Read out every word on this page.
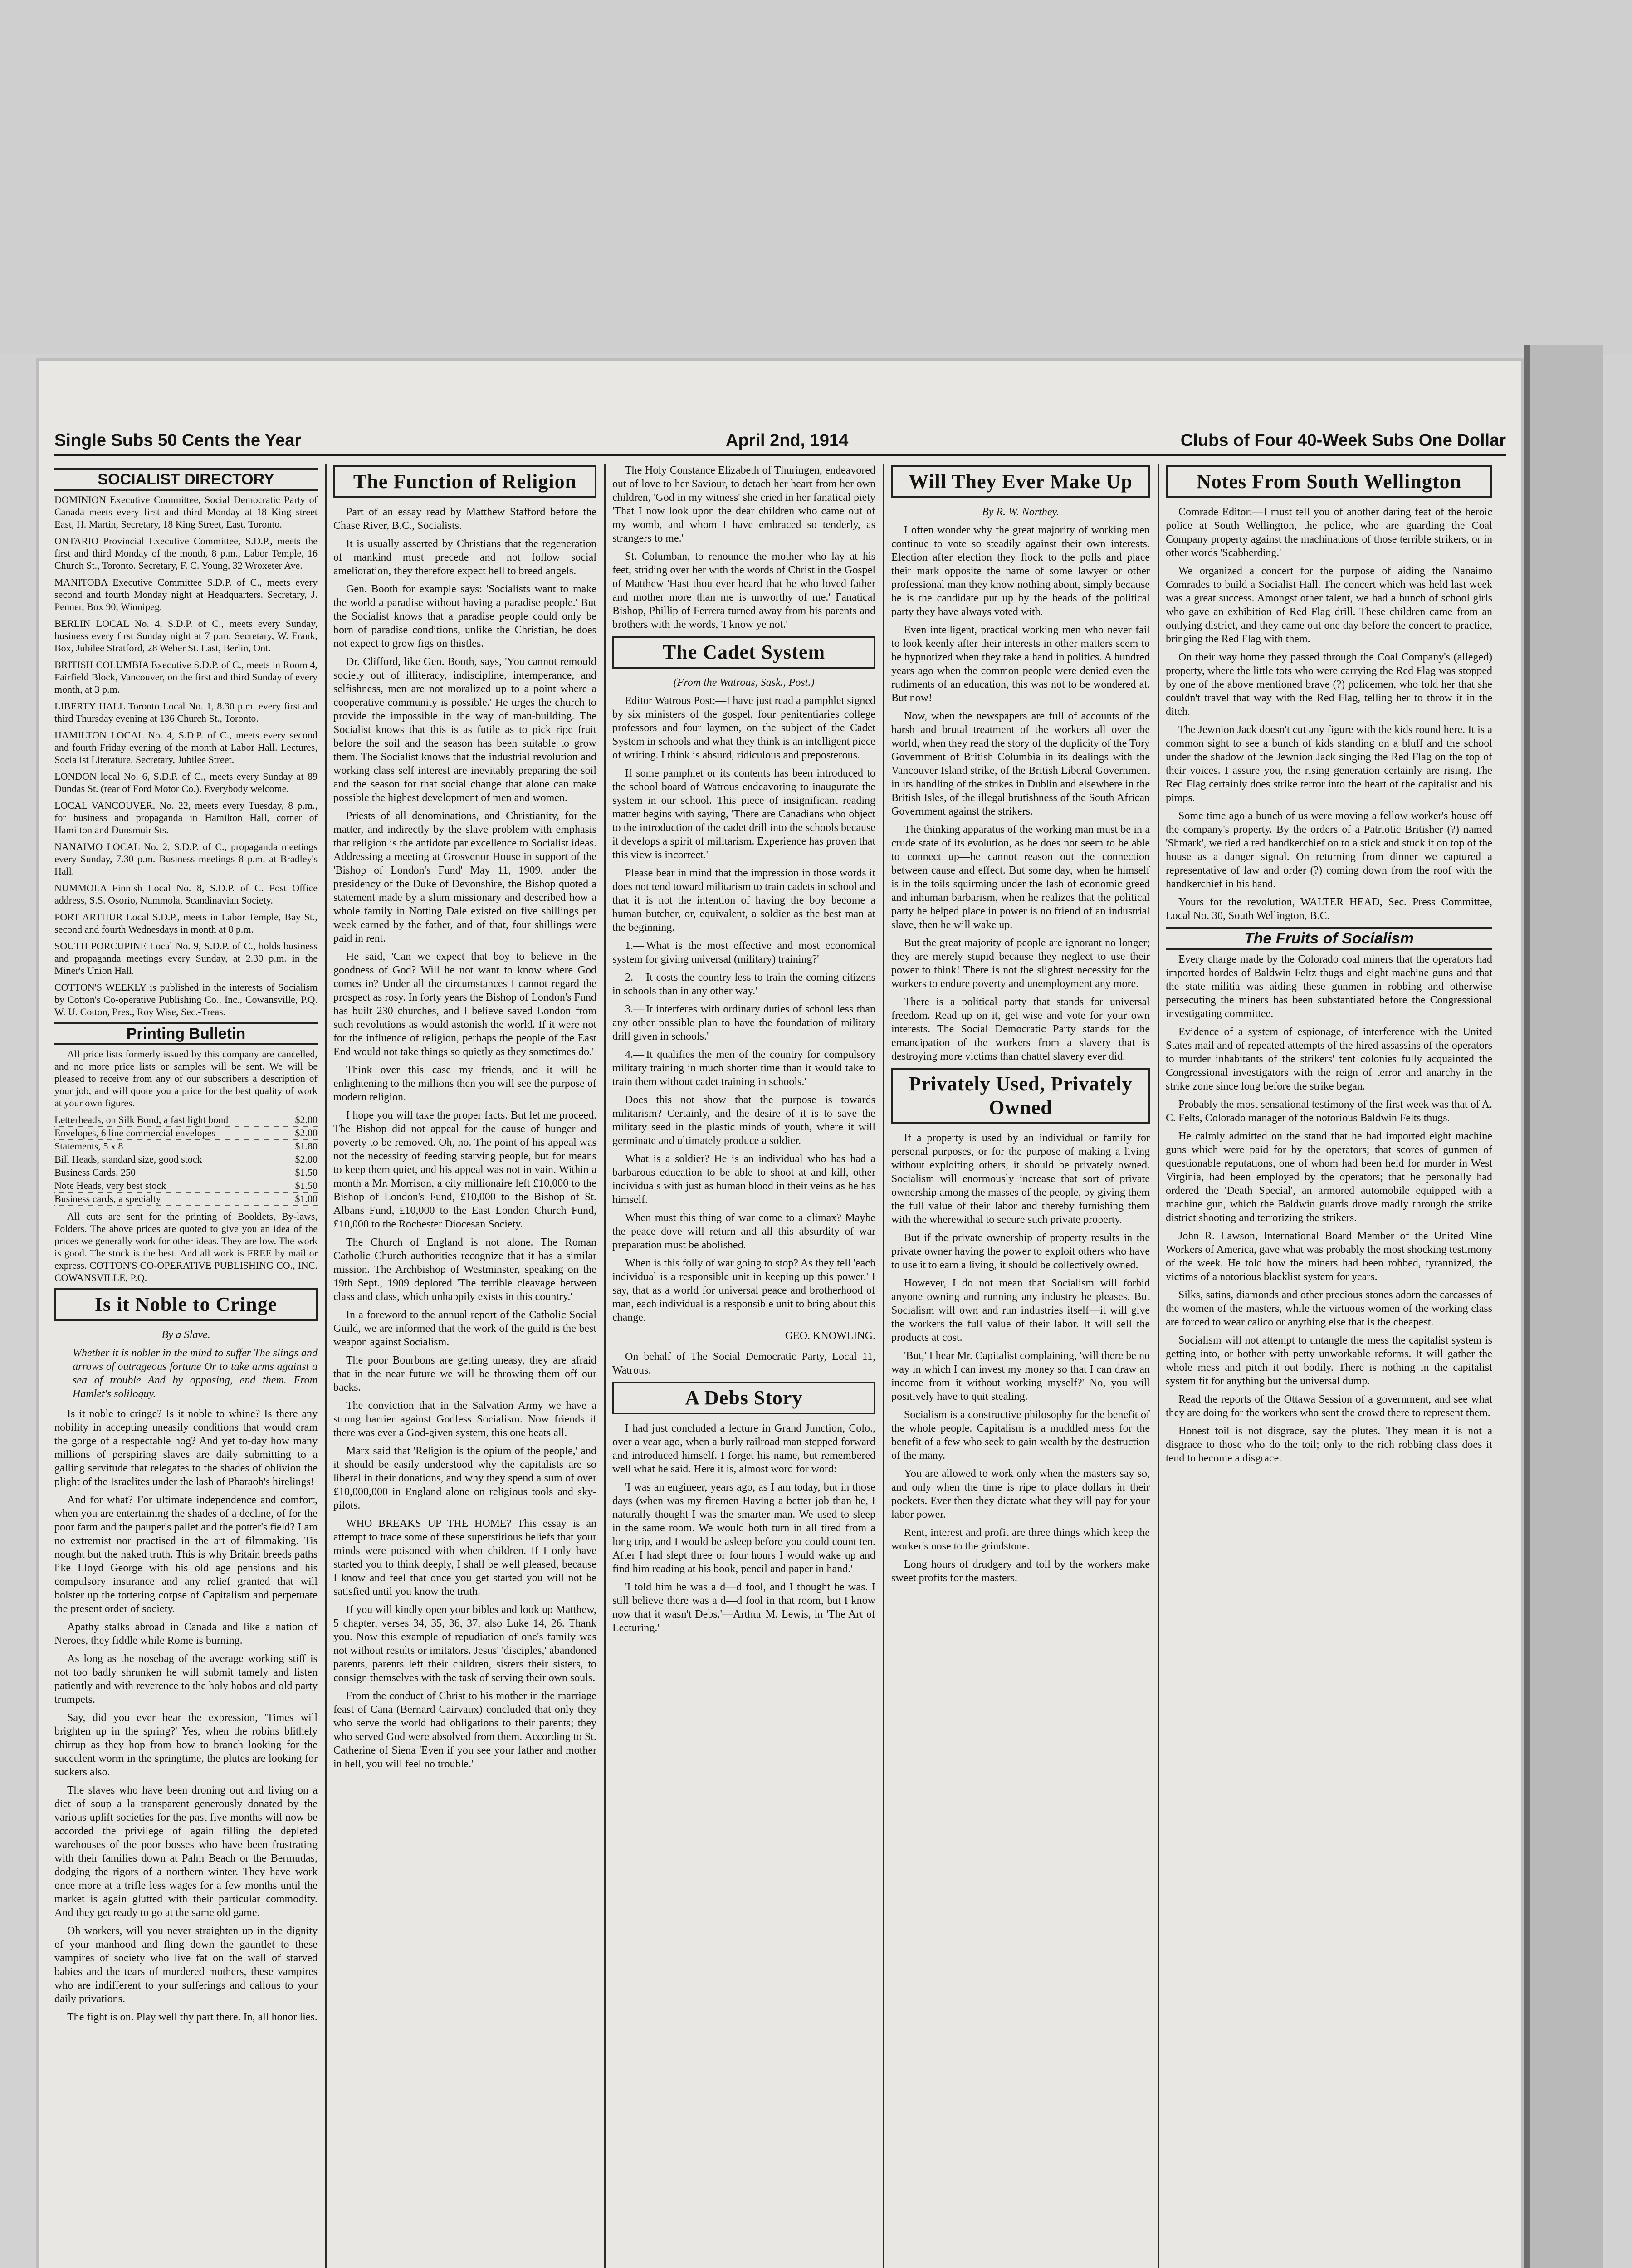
Single Subs 50 Cents the Year	April 2nd, 1914	Clubs of Four 40-Week Subs One Dollar
SOCIALIST DIRECTORY
DOMINION Executive Committee, Social Democratic Party of Canada meets every first and third Monday at 18 King street East, H. Martin, Secretary, 18 King Street, East, Toronto.
ONTARIO Provincial Executive Committee, S.D.P., meets the first and third Monday of the month, 8 p.m., Labor Temple, 16 Church St., Toronto. Secretary, F. C. Young, 32 Wroxeter Ave.
MANITOBA Executive Committee S.D.P. of C., meets every second and fourth Monday night at Headquarters. Secretary, J. Penner, Box 90, Winnipeg.
BERLIN LOCAL No. 4, S.D.P. of C., meets every Sunday, business every first Sunday night at 7 p.m. Secretary, W. Frank, Box, Jubilee Stratford, 28 Weber St. East, Berlin, Ont.
BRITISH COLUMBIA Executive S.D.P. of C., meets in Room 4, Fairfield Block, Vancouver, on the first and third Sunday of every month, at 3 p.m.
LIBERTY HALL Toronto Local No. 1, 8.30 p.m. every first and third Thursday evening at 136 Church St., Toronto.
HAMILTON LOCAL No. 4, S.D.P. of C., meets every second and fourth Friday evening of the month at Labor Hall. Lectures, Socialist Literature. Secretary, Jubilee Street.
LONDON local No. 6, S.D.P. of C., meets every Sunday at 89 Dundas St. (rear of Ford Motor Co.). Everybody welcome.
LOCAL VANCOUVER, No. 22, meets every Tuesday, 8 p.m., for business and propaganda in Hamilton Hall, corner of Hamilton and Dunsmuir Sts.
NANAIMO LOCAL No. 2, S.D.P. of C., propaganda meetings every Sunday, 7.30 p.m. Business meetings 8 p.m. at Bradley's Hall.
NUMMOLA Finnish Local No. 8, S.D.P. of C. Post Office address, S.S. Osorio, Nummola, Scandinavian Society.
PORT ARTHUR Local S.D.P., meets in Labor Temple, Bay St., second and fourth Wednesdays in month at 8 p.m.
SOUTH PORCUPINE Local No. 9, S.D.P. of C., holds business and propaganda meetings every Sunday, at 2.30 p.m. in the Miner's Union Hall.
COTTON'S WEEKLY is published in the interests of Socialism by Cotton's Co-operative Publishing Co., Inc., Cowansville, P.Q. W. U. Cotton, Pres., Roy Wise, Sec.-Treas.
Printing Bulletin

All price lists formerly issued by this company are cancelled, and no more price lists or samples will be sent. We will be pleased to receive from any of our subscribers a description of your job, and will quote you a price for the best quality of work at your own figures.

Letterheads, on Silk Bond, a fast light bond	$2.00
Envelopes, 6 line commercial envelopes	$2.00
Statements, 5 x 8	$1.80
Bill Heads, standard size, good stock	$2.00
Business Cards, 250	$1.50
Note Heads, very best stock	$1.50
Business cards, a specialty	$1.00

All cuts are sent for the printing of Booklets, By-laws, Folders. The above prices are quoted to give you an idea of the prices we generally work for other ideas. They are low. The work is good. The stock is the best. And all work is FREE by mail or express. COTTON'S CO-OPERATIVE PUBLISHING CO., INC. COWANSVILLE, P.Q.

Is it Noble to Cringe
By a Slave.

Whether it is nobler in the mind to suffer The slings and arrows of outrageous fortune Or to take arms against a sea of trouble And by opposing, end them. From Hamlet's soliloquy.

Is it noble to cringe? Is it noble to whine? Is there any nobility in accepting uneasily conditions that would cram the gorge of a respectable hog? And yet to-day how many millions of perspiring slaves are daily submitting to a galling servitude that relegates to the shades of oblivion the plight of the Israelites under the lash of Pharaoh's hirelings!

And for what? For ultimate independence and comfort, when you are entertaining the shades of a decline, of for the poor farm and the pauper's pallet and the potter's field? I am no extremist nor practised in the art of filmmaking. Tis nought but the naked truth. This is why Britain breeds paths like Lloyd George with his old age pensions and his compulsory insurance and any relief granted that will bolster up the tottering corpse of Capitalism and perpetuate the present order of society.

Apathy stalks abroad in Canada and like a nation of Neroes, they fiddle while Rome is burning.

As long as the nosebag of the average working stiff is not too badly shrunken he will submit tamely and listen patiently and with reverence to the holy hobos and old party trumpets.

Say, did you ever hear the expression, 'Times will brighten up in the spring?' Yes, when the robins blithely chirrup as they hop from bow to branch looking for the succulent worm in the springtime, the plutes are looking for suckers also.

The slaves who have been droning out and living on a diet of soup a la transparent generously donated by the various uplift societies for the past five months will now be accorded the privilege of again filling the depleted warehouses of the poor bosses who have been frustrating with their families down at Palm Beach or the Bermudas, dodging the rigors of a northern winter. They have work once more at a trifle less wages for a few months until the market is again glutted with their particular commodity. And they get ready to go at the same old game.

Oh workers, will you never straighten up in the dignity of your manhood and fling down the gauntlet to these vampires of society who live fat on the wall of starved babies and the tears of murdered mothers, these vampires who are indifferent to your sufferings and callous to your daily privations.

The fight is on. Play well thy part there. In, all honor lies.

The Function of Religion

Part of an essay read by Matthew Stafford before the Chase River, B.C., Socialists.

It is usually asserted by Christians that the regeneration of mankind must precede and not follow social amelioration, they therefore expect hell to breed angels.

Gen. Booth for example says: 'Socialists want to make the world a paradise without having a paradise people.' But the Socialist knows that a paradise people could only be born of paradise conditions, unlike the Christian, he does not expect to grow figs on thistles.

Dr. Clifford, like Gen. Booth, says, 'You cannot remould society out of illiteracy, indiscipline, intemperance, and selfishness, men are not moralized up to a point where a cooperative community is possible.' He urges the church to provide the impossible in the way of man-building. The Socialist knows that this is as futile as to pick ripe fruit before the soil and the season has been suitable to grow them. The Socialist knows that the industrial revolution and working class self interest are inevitably preparing the soil and the season for that social change that alone can make possible the highest development of men and women.

Priests of all denominations, and Christianity, for the matter, and indirectly by the slave problem with emphasis that religion is the antidote par excellence to Socialist ideas. Addressing a meeting at Grosvenor House in support of the 'Bishop of London's Fund' May 11, 1909, under the presidency of the Duke of Devonshire, the Bishop quoted a statement made by a slum missionary and described how a whole family in Notting Dale existed on five shillings per week earned by the father, and of that, four shillings were paid in rent.

He said, 'Can we expect that boy to believe in the goodness of God? Will he not want to know where God comes in? Under all the circumstances I cannot regard the prospect as rosy. In forty years the Bishop of London's Fund has built 230 churches, and I believe saved London from such revolutions as would astonish the world. If it were not for the influence of religion, perhaps the people of the East End would not take things so quietly as they sometimes do.'

Think over this case my friends, and it will be enlightening to the millions then you will see the purpose of modern religion.

I hope you will take the proper facts. But let me proceed. The Bishop did not appeal for the cause of hunger and poverty to be removed. Oh, no. The point of his appeal was not the necessity of feeding starving people, but for means to keep them quiet, and his appeal was not in vain. Within a month a Mr. Morrison, a city millionaire left £10,000 to the Bishop of London's Fund, £10,000 to the Bishop of St. Albans Fund, £10,000 to the East London Church Fund, £10,000 to the Rochester Diocesan Society.

The Church of England is not alone. The Roman Catholic Church authorities recognize that it has a similar mission. The Archbishop of Westminster, speaking on the 19th Sept., 1909 deplored 'The terrible cleavage between class and class, which unhappily exists in this country.'

In a foreword to the annual report of the Catholic Social Guild, we are informed that the work of the guild is the best weapon against Socialism.

The poor Bourbons are getting uneasy, they are afraid that in the near future we will be throwing them off our backs.

The conviction that in the Salvation Army we have a strong barrier against Godless Socialism. Now friends if there was ever a God-given system, this one beats all.

Marx said that 'Religion is the opium of the people,' and it should be easily understood why the capitalists are so liberal in their donations, and why they spend a sum of over £10,000,000 in England alone on religious tools and sky-pilots.

WHO BREAKS UP THE HOME? This essay is an attempt to trace some of these superstitious beliefs that your minds were poisoned with when children. If I only have started you to think deeply, I shall be well pleased, because I know and feel that once you get started you will not be satisfied until you know the truth.

If you will kindly open your bibles and look up Matthew, 5 chapter, verses 34, 35, 36, 37, also Luke 14, 26. Thank you. Now this example of repudiation of one's family was not without results or imitators. Jesus' 'disciples,' abandoned parents, parents left their children, sisters their sisters, to consign themselves with the task of serving their own souls.

From the conduct of Christ to his mother in the marriage feast of Cana (Bernard Cairvaux) concluded that only they who serve the world had obligations to their parents; they who served God were absolved from them. According to St. Catherine of Siena 'Even if you see your father and mother in hell, you will feel no trouble.'

The Holy Constance Elizabeth of Thuringen, endeavored out of love to her Saviour, to detach her heart from her own children, 'God in my witness' she cried in her fanatical piety 'That I now look upon the dear children who came out of my womb, and whom I have embraced so tenderly, as strangers to me.'

St. Columban, to renounce the mother who lay at his feet, striding over her with the words of Christ in the Gospel of Matthew 'Hast thou ever heard that he who loved father and mother more than me is unworthy of me.' Fanatical Bishop, Phillip of Ferrera turned away from his parents and brothers with the words, 'I know ye not.'

The Cadet System
(From the Watrous, Sask., Post.)

Editor Watrous Post:—I have just read a pamphlet signed by six ministers of the gospel, four penitentiaries college professors and four laymen, on the subject of the Cadet System in schools and what they think is an intelligent piece of writing. I think is absurd, ridiculous and preposterous.

If some pamphlet or its contents has been introduced to the school board of Watrous endeavoring to inaugurate the system in our school. This piece of insignificant reading matter begins with saying, 'There are Canadians who object to the introduction of the cadet drill into the schools because it develops a spirit of militarism. Experience has proven that this view is incorrect.'

Please bear in mind that the impression in those words it does not tend toward militarism to train cadets in school and that it is not the intention of having the boy become a human butcher, or, equivalent, a soldier as the best man at the beginning.

1.—'What is the most effective and most economical system for giving universal (military) training?'

2.—'It costs the country less to train the coming citizens in schools than in any other way.'

3.—'It interferes with ordinary duties of school less than any other possible plan to have the foundation of military drill given in schools.'

4.—'It qualifies the men of the country for compulsory military training in much shorter time than it would take to train them without cadet training in schools.'

Does this not show that the purpose is towards militarism? Certainly, and the desire of it is to save the military seed in the plastic minds of youth, where it will germinate and ultimately produce a soldier.

What is a soldier? He is an individual who has had a barbarous education to be able to shoot at and kill, other individuals with just as human blood in their veins as he has himself.

When must this thing of war come to a climax? Maybe the peace dove will return and all this absurdity of war preparation must be abolished.

When is this folly of war going to stop? As they tell 'each individual is a responsible unit in keeping up this power.' I say, that as a world for universal peace and brotherhood of man, each individual is a responsible unit to bring about this change.

GEO. KNOWLING.

On behalf of The Social Democratic Party, Local 11, Watrous.

A Debs Story

I had just concluded a lecture in Grand Junction, Colo., over a year ago, when a burly railroad man stepped forward and introduced himself. I forget his name, but remembered well what he said. Here it is, almost word for word:

'I was an engineer, years ago, as I am today, but in those days (when was my firemen Having a better job than he, I naturally thought I was the smarter man. We used to sleep in the same room. We would both turn in all tired from a long trip, and I would be asleep before you could count ten. After I had slept three or four hours I would wake up and find him reading at his book, pencil and paper in hand.'

'I told him he was a d—d fool, and I thought he was. I still believe there was a d—d fool in that room, but I know now that it wasn't Debs.'—Arthur M. Lewis, in 'The Art of Lecturing.'

Will They Ever Make Up
By R. W. Northey.

I often wonder why the great majority of working men continue to vote so steadily against their own interests. Election after election they flock to the polls and place their mark opposite the name of some lawyer or other professional man they know nothing about, simply because he is the candidate put up by the heads of the political party they have always voted with.

Even intelligent, practical working men who never fail to look keenly after their interests in other matters seem to be hypnotized when they take a hand in politics. A hundred years ago when the common people were denied even the rudiments of an education, this was not to be wondered at. But now!

Now, when the newspapers are full of accounts of the harsh and brutal treatment of the workers all over the world, when they read the story of the duplicity of the Tory Government of British Columbia in its dealings with the Vancouver Island strike, of the British Liberal Government in its handling of the strikes in Dublin and elsewhere in the British Isles, of the illegal brutishness of the South African Government against the strikers.

The thinking apparatus of the working man must be in a crude state of its evolution, as he does not seem to be able to connect up—he cannot reason out the connection between cause and effect. But some day, when he himself is in the toils squirming under the lash of economic greed and inhuman barbarism, when he realizes that the political party he helped place in power is no friend of an industrial slave, then he will wake up.

But the great majority of people are ignorant no longer; they are merely stupid because they neglect to use their power to think! There is not the slightest necessity for the workers to endure poverty and unemployment any more.

There is a political party that stands for universal freedom. Read up on it, get wise and vote for your own interests. The Social Democratic Party stands for the emancipation of the workers from a slavery that is destroying more victims than chattel slavery ever did.

Privately Used, Privately Owned

If a property is used by an individual or family for personal purposes, or for the purpose of making a living without exploiting others, it should be privately owned. Socialism will enormously increase that sort of private ownership among the masses of the people, by giving them the full value of their labor and thereby furnishing them with the wherewithal to secure such private property.

But if the private ownership of property results in the private owner having the power to exploit others who have to use it to earn a living, it should be collectively owned.

However, I do not mean that Socialism will forbid anyone owning and running any industry he pleases. But Socialism will own and run industries itself—it will give the workers the full value of their labor. It will sell the products at cost.

'But,' I hear Mr. Capitalist complaining, 'will there be no way in which I can invest my money so that I can draw an income from it without working myself?' No, you will positively have to quit stealing.

Socialism is a constructive philosophy for the benefit of the whole people. Capitalism is a muddled mess for the benefit of a few who seek to gain wealth by the destruction of the many.

You are allowed to work only when the masters say so, and only when the time is ripe to place dollars in their pockets. Ever then they dictate what they will pay for your labor power.

Rent, interest and profit are three things which keep the worker's nose to the grindstone.

Long hours of drudgery and toil by the workers make sweet profits for the masters.

Notes From South Wellington

Comrade Editor:—I must tell you of another daring feat of the heroic police at South Wellington, the police, who are guarding the Coal Company property against the machinations of those terrible strikers, or in other words 'Scabherding.'

We organized a concert for the purpose of aiding the Nanaimo Comrades to build a Socialist Hall. The concert which was held last week was a great success. Amongst other talent, we had a bunch of school girls who gave an exhibition of Red Flag drill. These children came from an outlying district, and they came out one day before the concert to practice, bringing the Red Flag with them.

On their way home they passed through the Coal Company's (alleged) property, where the little tots who were carrying the Red Flag was stopped by one of the above mentioned brave (?) policemen, who told her that she couldn't travel that way with the Red Flag, telling her to throw it in the ditch.

The Jewnion Jack doesn't cut any figure with the kids round here. It is a common sight to see a bunch of kids standing on a bluff and the school under the shadow of the Jewnion Jack singing the Red Flag on the top of their voices. I assure you, the rising generation certainly are rising. The Red Flag certainly does strike terror into the heart of the capitalist and his pimps.

Some time ago a bunch of us were moving a fellow worker's house off the company's property. By the orders of a Patriotic Britisher (?) named 'Shmark', we tied a red handkerchief on to a stick and stuck it on top of the house as a danger signal. On returning from dinner we captured a representative of law and order (?) coming down from the roof with the handkerchief in his hand.

Yours for the revolution, WALTER HEAD, Sec. Press Committee, Local No. 30, South Wellington, B.C.

The Fruits of Socialism

Every charge made by the Colorado coal miners that the operators had imported hordes of Baldwin Feltz thugs and eight machine guns and that the state militia was aiding these gunmen in robbing and otherwise persecuting the miners has been substantiated before the Congressional investigating committee.

Evidence of a system of espionage, of interference with the United States mail and of repeated attempts of the hired assassins of the operators to murder inhabitants of the strikers' tent colonies fully acquainted the Congressional investigators with the reign of terror and anarchy in the strike zone since long before the strike began.

Probably the most sensational testimony of the first week was that of A. C. Felts, Colorado manager of the notorious Baldwin Felts thugs.

He calmly admitted on the stand that he had imported eight machine guns which were paid for by the operators; that scores of gunmen of questionable reputations, one of whom had been held for murder in West Virginia, had been employed by the operators; that he personally had ordered the 'Death Special', an armored automobile equipped with a machine gun, which the Baldwin guards drove madly through the strike district shooting and terrorizing the strikers.

John R. Lawson, International Board Member of the United Mine Workers of America, gave what was probably the most shocking testimony of the week. He told how the miners had been robbed, tyrannized, the victims of a notorious blacklist system for years.

Silks, satins, diamonds and other precious stones adorn the carcasses of the women of the masters, while the virtuous women of the working class are forced to wear calico or anything else that is the cheapest.

Socialism will not attempt to untangle the mess the capitalist system is getting into, or bother with petty unworkable reforms. It will gather the whole mess and pitch it out bodily. There is nothing in the capitalist system fit for anything but the universal dump.

Read the reports of the Ottawa Session of a government, and see what they are doing for the workers who sent the crowd there to represent them.

Honest toil is not disgrace, say the plutes. They mean it is not a disgrace to those who do the toil; only to the rich robbing class does it tend to become a disgrace.
